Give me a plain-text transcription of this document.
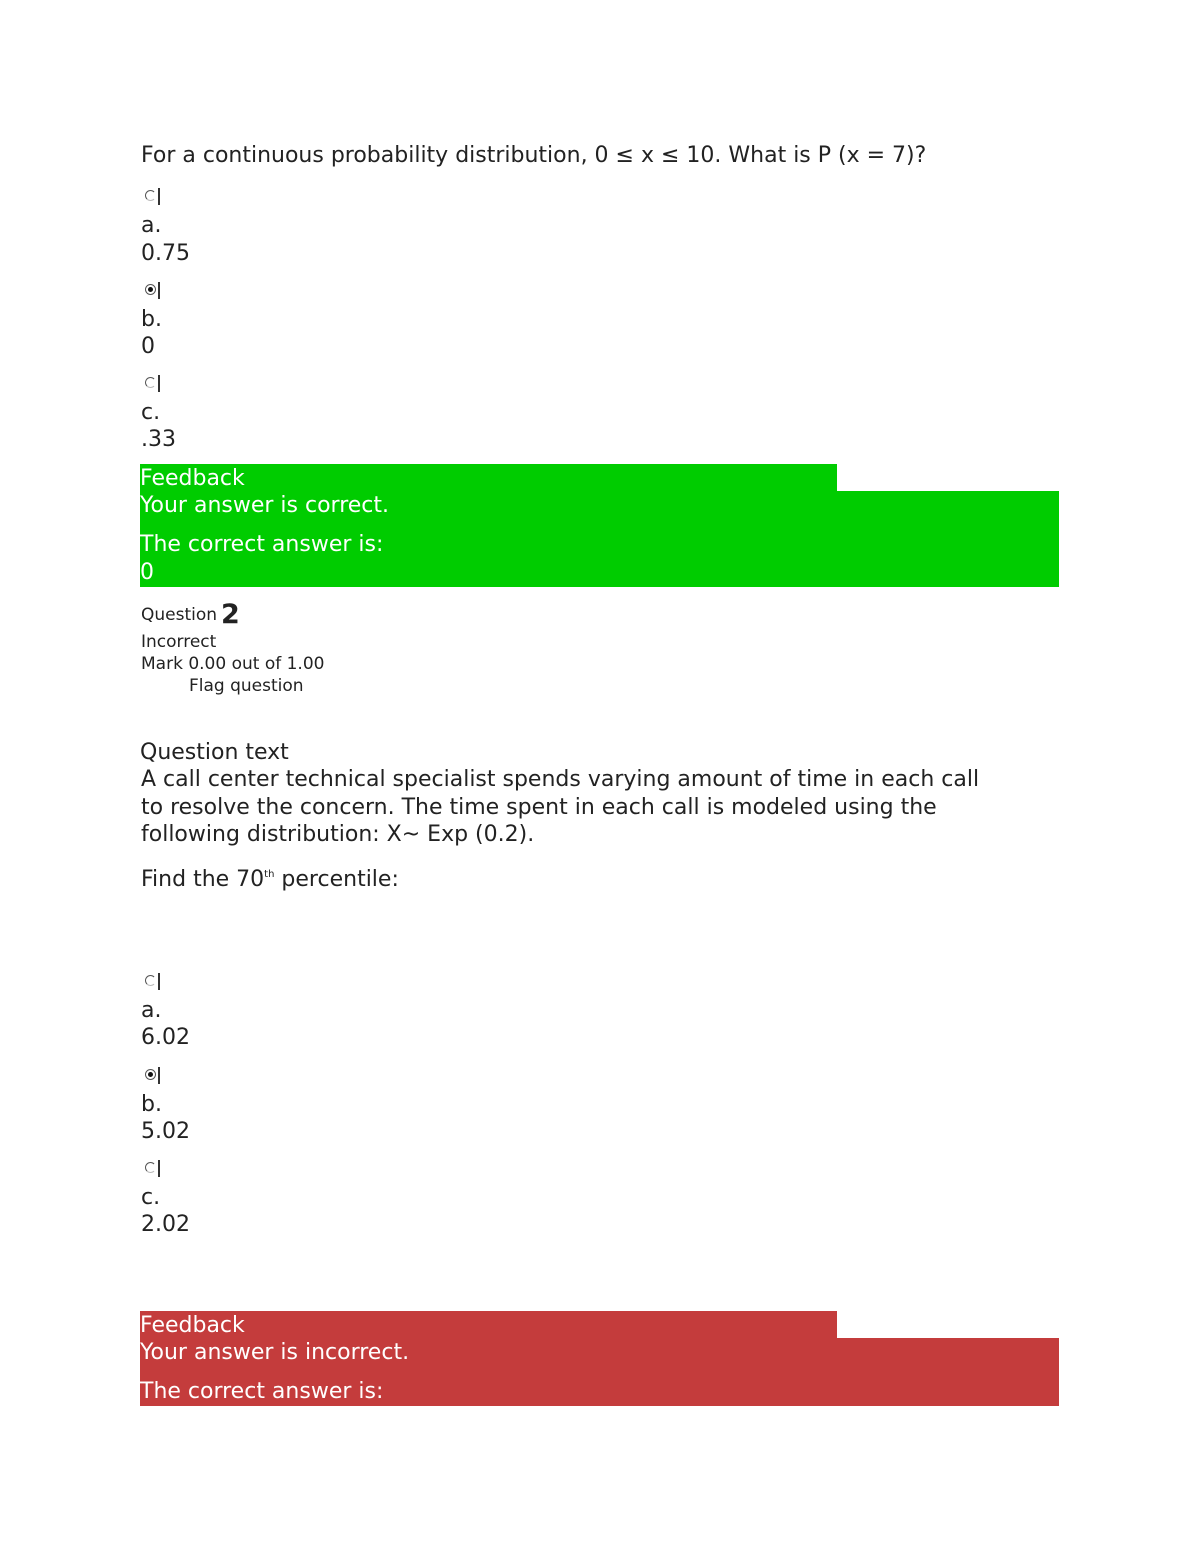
For a continuous probability distribution, 0 ≤ x ≤ 10. What is P (x = 7)?
a.
0.75
b.
0
c.
.33
Feedback
Your answer is correct.
The correct answer is:
0
Question 2
Incorrect
Mark 0.00 out of 1.00
Flag question
Question text
A call center technical specialist spends varying amount of time in each call
to resolve the concern. The time spent in each call is modeled using the
following distribution: X~ Exp (0.2).
Find the 70th percentile:
a.
6.02
b.
5.02
c.
2.02
Feedback
Your answer is incorrect.
The correct answer is:
